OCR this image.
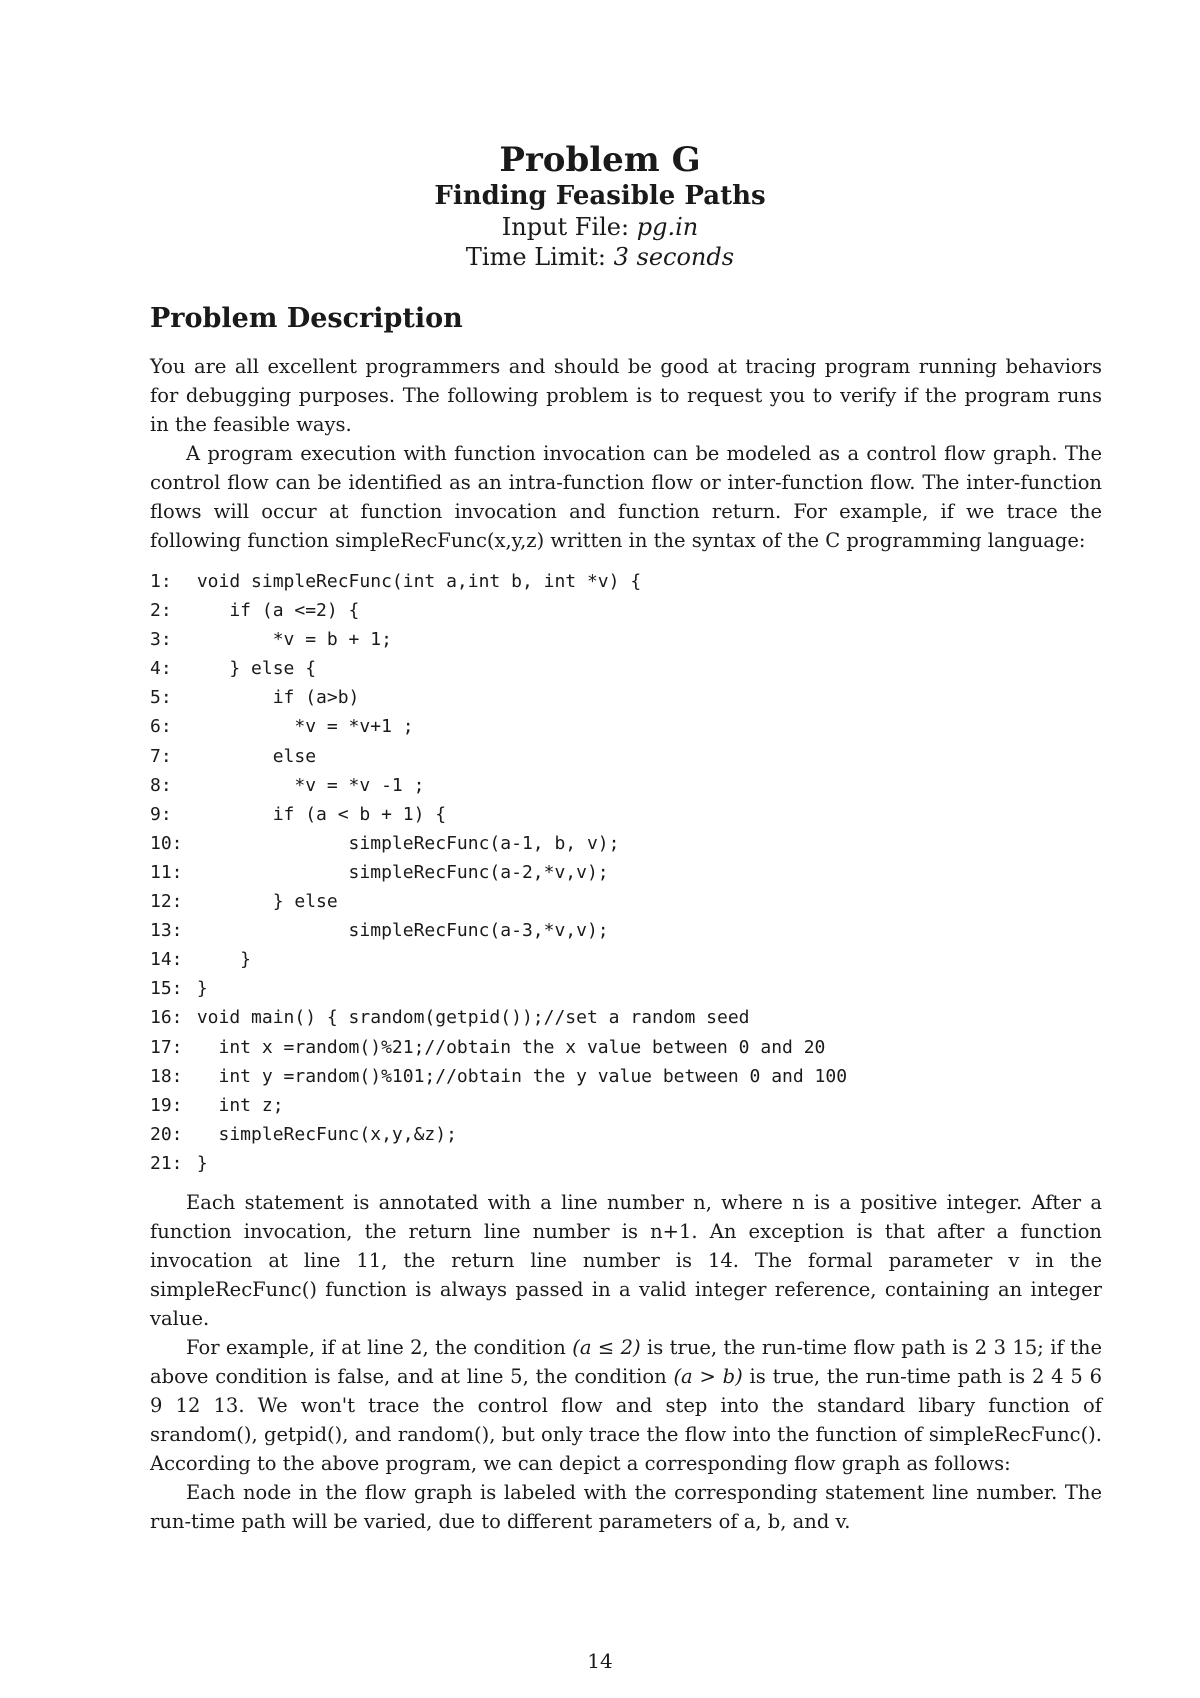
Problem G

Finding Feasible Paths

Input File: pg.in

Time Limit: 3 seconds

Problem Description

You are all excellent programmers and should be good at tracing program running behaviors for debugging purposes. The following problem is to request you to verify if the program runs in the feasible ways.

A program execution with function invocation can be modeled as a control flow graph. The control flow can be identified as an intra-function flow or inter-function flow. The inter-function flows will occur at function invocation and function return. For example, if we trace the following function simpleRecFunc(x,y,z) written in the syntax of the C programming language:

1: void simpleRecFunc(int a,int b, int *v) {
2:    if (a <=2) {
3:        *v = b + 1;
4:    } else {
5:        if (a>b)
6:          *v = *v+1 ;
7:        else
8:          *v = *v -1 ;
9:        if (a < b + 1) {
10:               simpleRecFunc(a-1, b, v);
11:               simpleRecFunc(a-2,*v,v);
12:        } else
13:               simpleRecFunc(a-3,*v,v);
14:     }
15: }
16: void main() { srandom(getpid());//set a random seed
17:   int x =random()%21;//obtain the x value between 0 and 20
18:   int y =random()%101;//obtain the y value between 0 and 100
19:   int z;
20:   simpleRecFunc(x,y,&z);
21: }

Each statement is annotated with a line number n, where n is a positive integer. After a function invocation, the return line number is n+1. An exception is that after a function invocation at line 11, the return line number is 14. The formal parameter v in the simpleRecFunc() function is always passed in a valid integer reference, containing an integer value.

For example, if at line 2, the condition (a ≤ 2) is true, the run-time flow path is 2 3 15; if the above condition is false, and at line 5, the condition (a > b) is true, the run-time path is 2 4 5 6 9 12 13. We won't trace the control flow and step into the standard libary function of srandom(), getpid(), and random(), but only trace the flow into the function of simpleRecFunc(). According to the above program, we can depict a corresponding flow graph as follows:

Each node in the flow graph is labeled with the corresponding statement line number. The run-time path will be varied, due to different parameters of a, b, and v.

14
